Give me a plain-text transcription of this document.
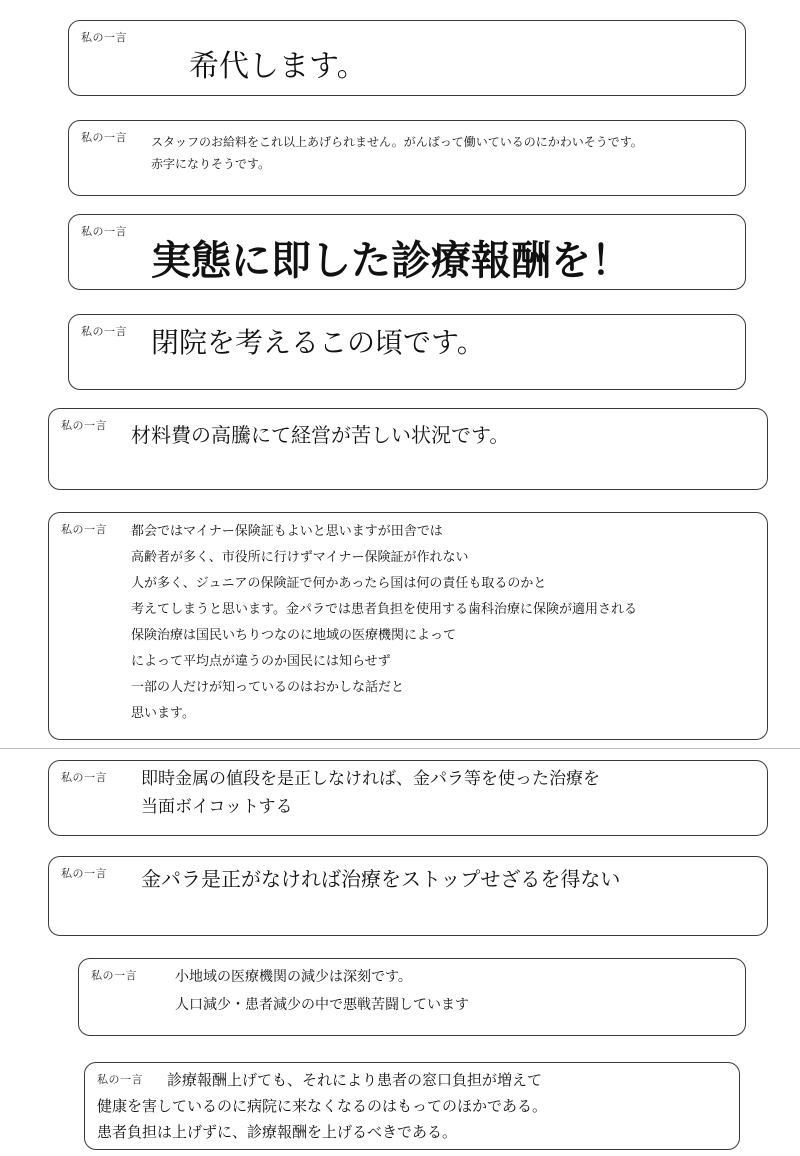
私の一言
希代します。
私の一言 スタッフのお給料をこれ以上あげられません。がんばって働いているのにかわいそうです。
赤字になりそうです。
私の一言
実態に即した診療報酬を！
私の一言 閉院を考えるこの頃です。
私の一言 材料費の高騰にて経営が苦しい状況です。
私の一言 都会ではマイナー保険証もよいと思いますが田舎では
高齢者が多く、市役所に行けずマイナー保険証が作れない
人が多く、ジュニアの保険証で何かあったら国は何の責任も取るのかと
考えてしまうと思います。金パラでは患者負担を使用する歯科治療に保険が適用される
保険治療は国民いちりつなのに地域の医療機関によって
によって平均点が違うのか国民には知らせず
一部の人だけが知っているのはおかしな話だと
思います。
私の一言 即時金属の値段を是正しなければ、金パラ等を使った治療を
当面ボイコットする
私の一言 金パラ是正がなければ治療をストップせざるを得ない
私の一言	小地域の医療機関の減少は深刻です。
人口減少・患者減少の中で悪戦苦闘しています
私の一言	診療報酬上げても、それにより患者の窓口負担が増えて
健康を害しているのに病院に来なくなるのはもってのほかである。
患者負担は上げずに、診療報酬を上げるべきである。
